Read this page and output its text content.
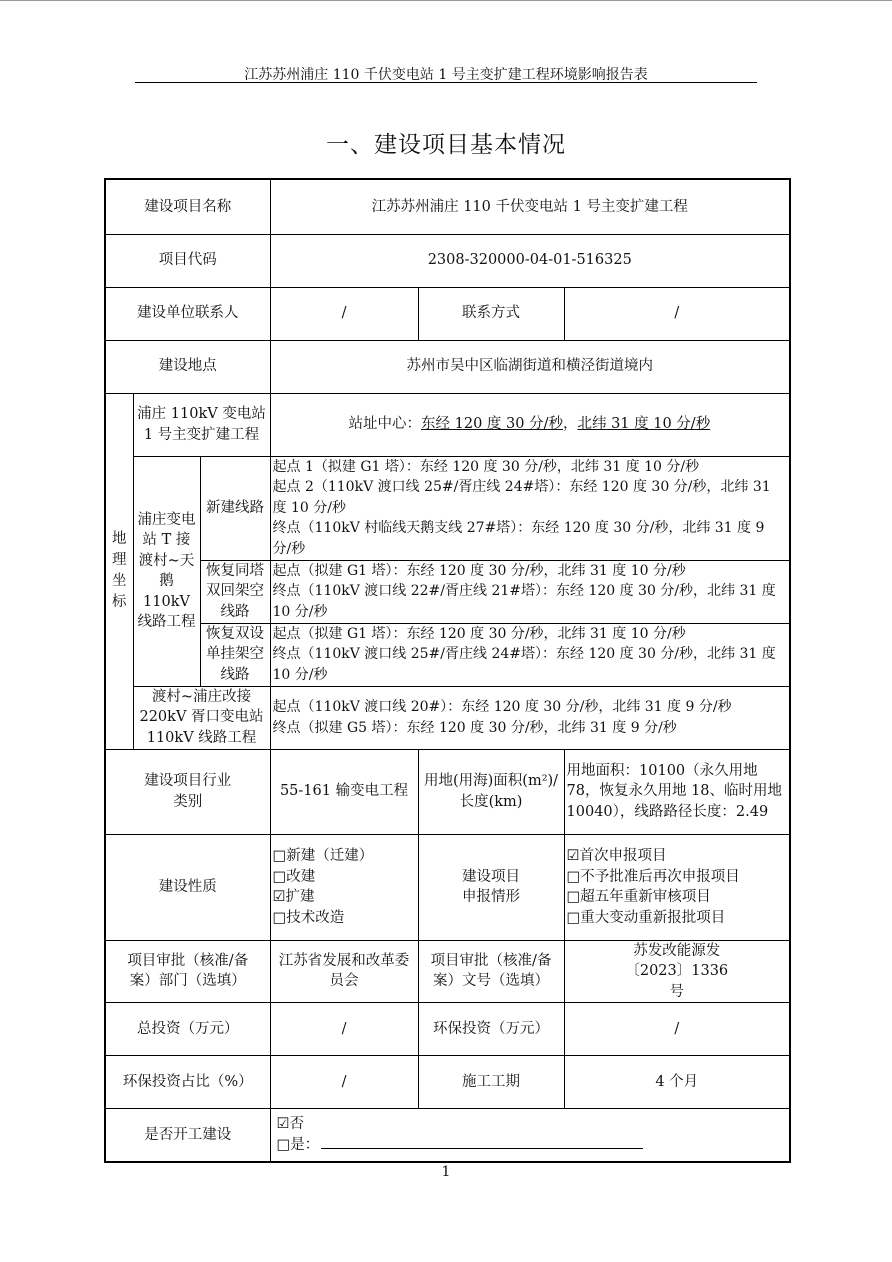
江苏苏州浦庄 110 千伏变电站 1 号主变扩建工程环境影响报告表
一、建设项目基本情况
建设项目名称			江苏苏州浦庄 110 千伏变电站 1 号主变扩建工程		
项目代码			2308-320000-04-01-516325		
建设单位联系人			/	联系方式	/
建设地点			苏州市吴中区临湖街道和横泾街道境内		

地
理
坐
标	浦庄 110kV 变电站 1 号主变扩建工程		站址中心：东经 120 度 30 分/秒，北纬 31 度 10 分/秒		
	浦庄变电站 T 接渡村~天鹅 110kV 线路工程	新建线路	起点 1（拟建 G1 塔）：东经 120 度 30 分/秒，北纬 31 度 10 分/秒
起点 2（110kV 渡口线 25#/胥庄线 24#塔）：东经 120 度 30 分/秒，北纬 31 度 10 分/秒
终点（110kV 村临线天鹅支线 27#塔）：东经 120 度 30 分/秒，北纬 31 度 9 分/秒		

		恢复同塔双回架空线路	起点（拟建 G1 塔）：东经 120 度 30 分/秒，北纬 31 度 10 分/秒
终点（110kV 渡口线 22#/胥庄线 21#塔）：东经 120 度 30 分/秒，北纬 31 度 10 分/秒		

		恢复双设单挂架空线路	起点（拟建 G1 塔）：东经 120 度 30 分/秒，北纬 31 度 10 分/秒
终点（110kV 渡口线 25#/胥庄线 24#塔）：东经 120 度 30 分/秒，北纬 31 度 10 分/秒		

	渡村~浦庄改接 220kV 胥口变电站 110kV 线路工程		起点（110kV 渡口线 20#）：东经 120 度 30 分/秒，北纬 31 度 9 分/秒
终点（拟建 G5 塔）：东经 120 度 30 分/秒，北纬 31 度 9 分/秒		

建设项目行业类别			55-161 输变电工程	用地(用海)面积(m²)/长度(km)	用地面积：10100（永久用地 78，恢复永久用地 18、临时用地 10040），线路路径长度：2.49
建设性质			□新建（迁建）
□改建
☑扩建
□技术改造	建设项目申报情形	☑首次申报项目
□不予批准后再次申报项目
□超五年重新审核项目
□重大变动重新报批项目

项目审批（核准/备案）部门（选填）			江苏省发展和改革委员会	项目审批（核准/备案）文号（选填）	苏发改能源发〔2023〕1336 号
总投资（万元）			/	环保投资（万元）	/
环保投资占比（%）			/	施工工期	4 个月
是否开工建设			☑否
□是：		
1
